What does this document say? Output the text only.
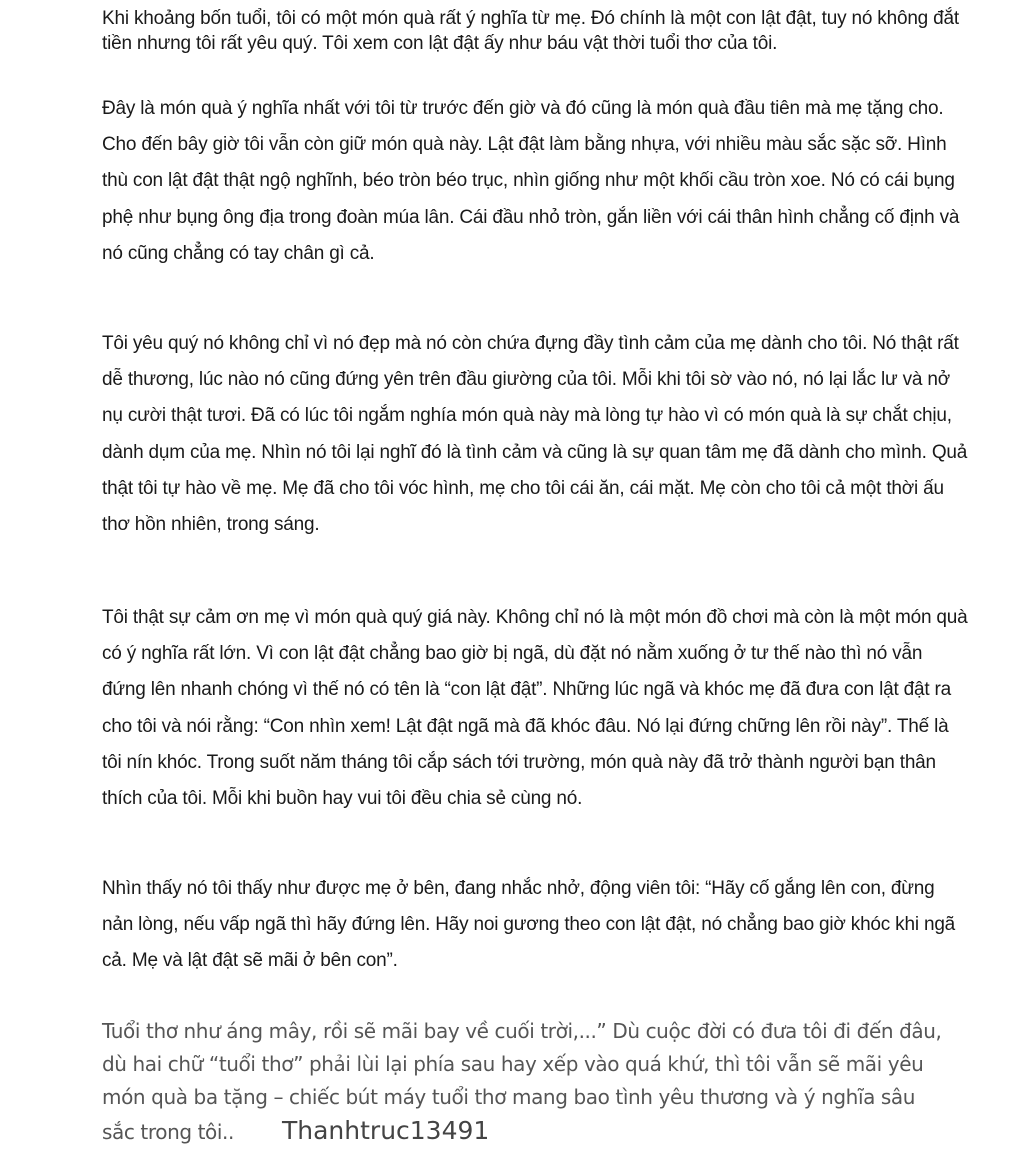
Khi khoảng bốn tuổi, tôi có một món quà rất ý nghĩa từ mẹ. Đó chính là một con lật đật, tuy nó không đắt tiền nhưng tôi rất yêu quý. Tôi xem con lật đật ấy như báu vật thời tuổi thơ của tôi.

Đây là món quà ý nghĩa nhất với tôi từ trước đến giờ và đó cũng là món quà đầu tiên mà mẹ tặng cho. Cho đến bây giờ tôi vẫn còn giữ món quà này. Lật đật làm bằng nhựa, với nhiều màu sắc sặc sỡ. Hình thù con lật đật thật ngộ nghĩnh, béo tròn béo trục, nhìn giống như một khối cầu tròn xoe. Nó có cái bụng phệ như bụng ông địa trong đoàn múa lân. Cái đầu nhỏ tròn, gắn liền với cái thân hình chẳng cố định và nó cũng chẳng có tay chân gì cả.

Tôi yêu quý nó không chỉ vì nó đẹp mà nó còn chứa đựng đầy tình cảm của mẹ dành cho tôi. Nó thật rất dễ thương, lúc nào nó cũng đứng yên trên đầu giường của tôi. Mỗi khi tôi sờ vào nó, nó lại lắc lư và nở nụ cười thật tươi. Đã có lúc tôi ngắm nghía món quà này mà lòng tự hào vì có món quà là sự chắt chịu, dành dụm của mẹ. Nhìn nó tôi lại nghĩ đó là tình cảm và cũng là sự quan tâm mẹ đã dành cho mình. Quả thật tôi tự hào về mẹ. Mẹ đã cho tôi vóc hình, mẹ cho tôi cái ăn, cái mặt. Mẹ còn cho tôi cả một thời ấu thơ hồn nhiên, trong sáng.

Tôi thật sự cảm ơn mẹ vì món quà quý giá này. Không chỉ nó là một món đồ chơi mà còn là một món quà có ý nghĩa rất lớn. Vì con lật đật chẳng bao giờ bị ngã, dù đặt nó nằm xuống ở tư thế nào thì nó vẫn đứng lên nhanh chóng vì thế nó có tên là “con lật đật”. Những lúc ngã và khóc mẹ đã đưa con lật đật ra cho tôi và nói rằng: “Con nhìn xem! Lật đật ngã mà đã khóc đâu. Nó lại đứng chững lên rồi này”. Thế là tôi nín khóc. Trong suốt năm tháng tôi cắp sách tới trường, món quà này đã trở thành người bạn thân thích của tôi. Mỗi khi buồn hay vui tôi đều chia sẻ cùng nó.

Nhìn thấy nó tôi thấy như được mẹ ở bên, đang nhắc nhở, động viên tôi: “Hãy cố gắng lên con, đừng nản lòng, nếu vấp ngã thì hãy đứng lên. Hãy noi gương theo con lật đật, nó chẳng bao giờ khóc khi ngã cả. Mẹ và lật đật sẽ mãi ở bên con”.

Tuổi thơ như áng mây, rồi sẽ mãi bay về cuối trời,...” Dù cuộc đời có đưa tôi đi đến đâu, dù hai chữ “tuổi thơ” phải lùi lại phía sau hay xếp vào quá khứ, thì tôi vẫn sẽ mãi yêu món quà ba tặng – chiếc bút máy tuổi thơ mang bao tình yêu thương và ý nghĩa sâu sắc trong tôi.. Thanhtruc13491
